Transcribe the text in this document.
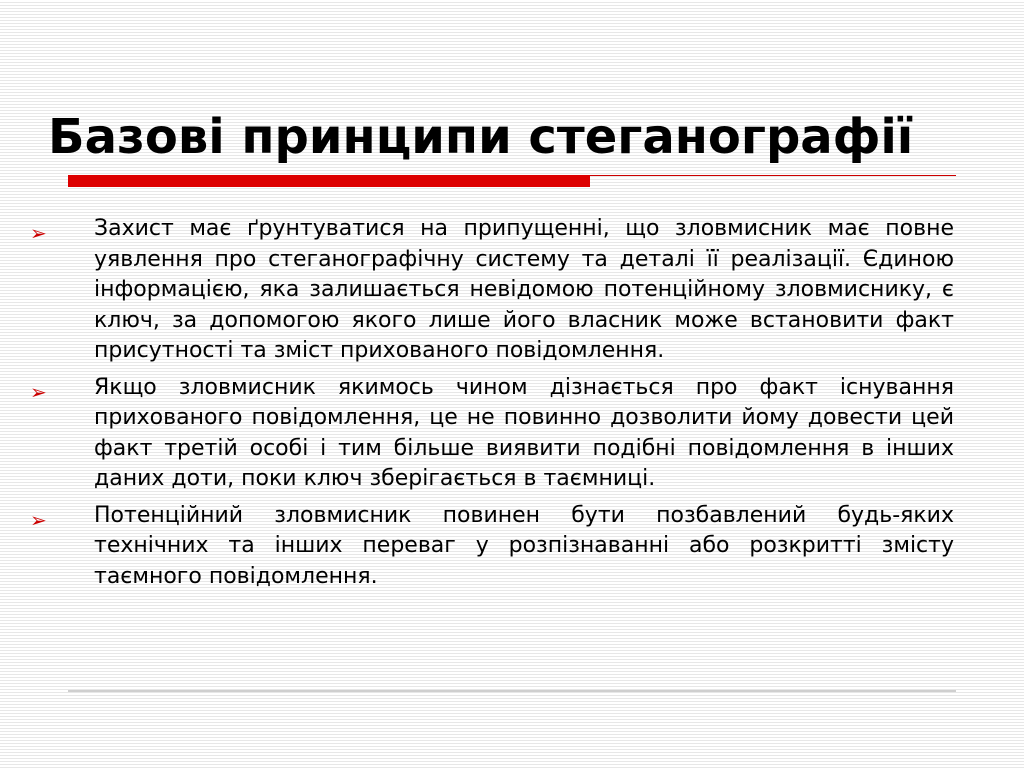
Базові принципи стеганографії
➢ Захист має ґрунтуватися на припущенні, що зловмисник має повне уявлення про стеганографічну систему та деталі її реалізації. Єдиною інформацією, яка залишається невідомою потенційному зловмиснику, є ключ, за допомогою якого лише його власник може встановити факт присутності та зміст прихованого повідомлення.
➢ Якщо зловмисник якимось чином дізнається про факт існування прихованого повідомлення, це не повинно дозволити йому довести цей факт третій особі і тим більше виявити подібні повідомлення в інших даних доти, поки ключ зберігається в таємниці.
➢ Потенційний зловмисник повинен бути позбавлений будь-яких технічних та інших переваг у розпізнаванні або розкритті змісту таємного повідомлення.
